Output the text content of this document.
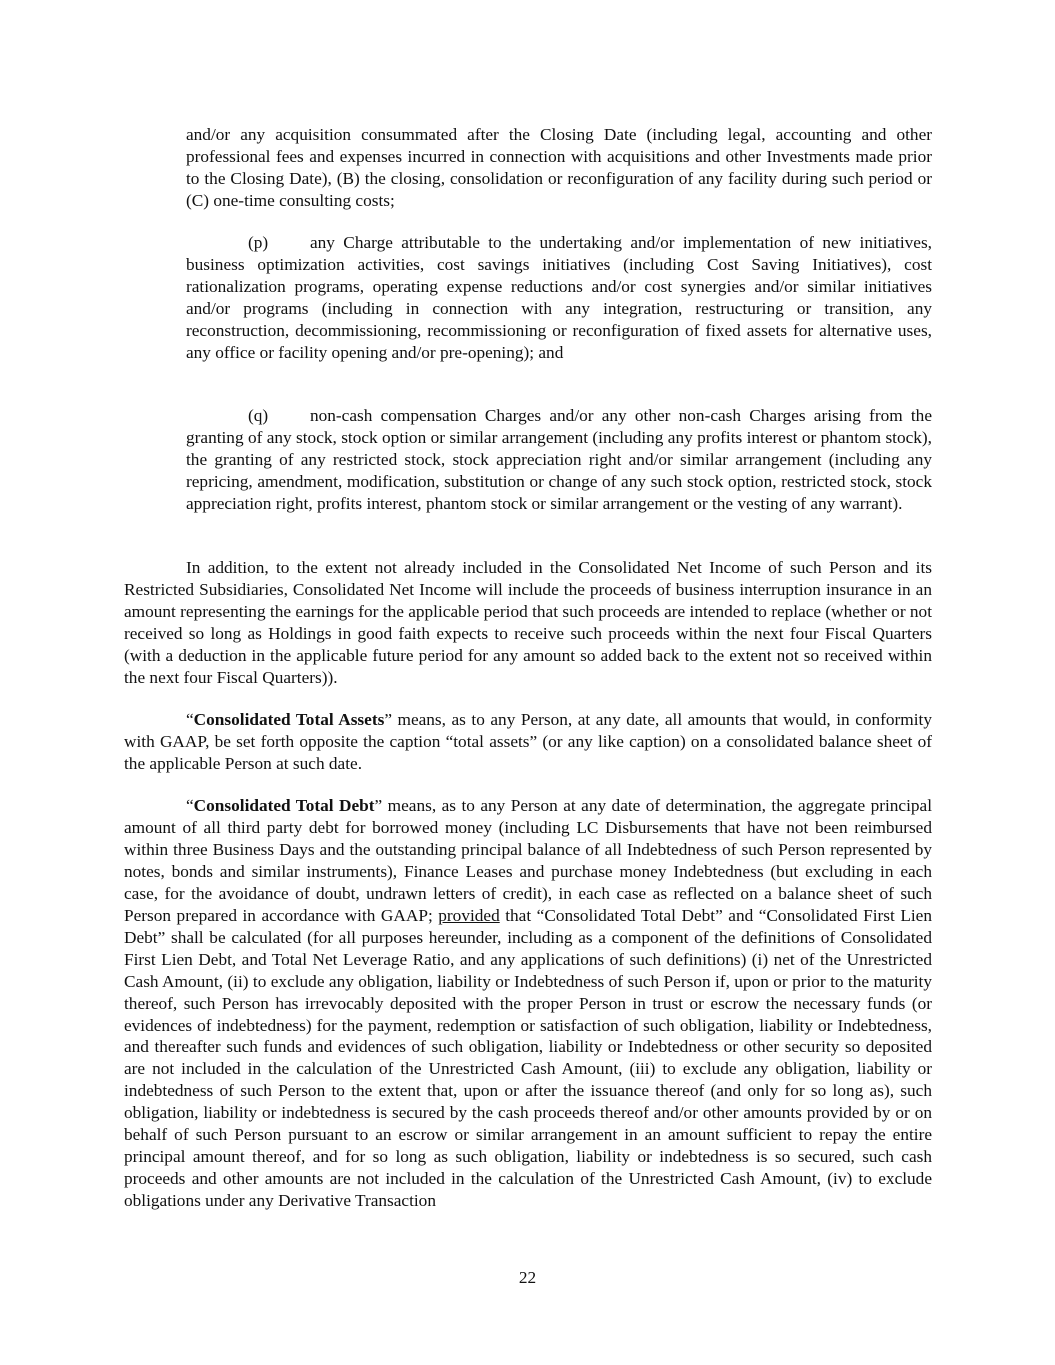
and/or any acquisition consummated after the Closing Date (including legal, accounting and other professional fees and expenses incurred in connection with acquisitions and other Investments made prior to the Closing Date), (B) the closing, consolidation or reconfiguration of any facility during such period or (C) one-time consulting costs;

(p) any Charge attributable to the undertaking and/or implementation of new initiatives, business optimization activities, cost savings initiatives (including Cost Saving Initiatives), cost rationalization programs, operating expense reductions and/or cost synergies and/or similar initiatives and/or programs (including in connection with any integration, restructuring or transition, any reconstruction, decommissioning, recommissioning or reconfiguration of fixed assets for alternative uses, any office or facility opening and/or pre-opening); and

(q) non-cash compensation Charges and/or any other non-cash Charges arising from the granting of any stock, stock option or similar arrangement (including any profits interest or phantom stock), the granting of any restricted stock, stock appreciation right and/or similar arrangement (including any repricing, amendment, modification, substitution or change of any such stock option, restricted stock, stock appreciation right, profits interest, phantom stock or similar arrangement or the vesting of any warrant).

In addition, to the extent not already included in the Consolidated Net Income of such Person and its Restricted Subsidiaries, Consolidated Net Income will include the proceeds of business interruption insurance in an amount representing the earnings for the applicable period that such proceeds are intended to replace (whether or not received so long as Holdings in good faith expects to receive such proceeds within the next four Fiscal Quarters (with a deduction in the applicable future period for any amount so added back to the extent not so received within the next four Fiscal Quarters)).

“Consolidated Total Assets” means, as to any Person, at any date, all amounts that would, in conformity with GAAP, be set forth opposite the caption “total assets” (or any like caption) on a consolidated balance sheet of the applicable Person at such date.

“Consolidated Total Debt” means, as to any Person at any date of determination, the aggregate principal amount of all third party debt for borrowed money (including LC Disbursements that have not been reimbursed within three Business Days and the outstanding principal balance of all Indebtedness of such Person represented by notes, bonds and similar instruments), Finance Leases and purchase money Indebtedness (but excluding in each case, for the avoidance of doubt, undrawn letters of credit), in each case as reflected on a balance sheet of such Person prepared in accordance with GAAP; provided that “Consolidated Total Debt” and “Consolidated First Lien Debt” shall be calculated (for all purposes hereunder, including as a component of the definitions of Consolidated First Lien Debt, and Total Net Leverage Ratio, and any applications of such definitions) (i) net of the Unrestricted Cash Amount, (ii) to exclude any obligation, liability or Indebtedness of such Person if, upon or prior to the maturity thereof, such Person has irrevocably deposited with the proper Person in trust or escrow the necessary funds (or evidences of indebtedness) for the payment, redemption or satisfaction of such obligation, liability or Indebtedness, and thereafter such funds and evidences of such obligation, liability or Indebtedness or other security so deposited are not included in the calculation of the Unrestricted Cash Amount, (iii) to exclude any obligation, liability or indebtedness of such Person to the extent that, upon or after the issuance thereof (and only for so long as), such obligation, liability or indebtedness is secured by the cash proceeds thereof and/or other amounts provided by or on behalf of such Person pursuant to an escrow or similar arrangement in an amount sufficient to repay the entire principal amount thereof, and for so long as such obligation, liability or indebtedness is so secured, such cash proceeds and other amounts are not included in the calculation of the Unrestricted Cash Amount, (iv) to exclude obligations under any Derivative Transaction

22
